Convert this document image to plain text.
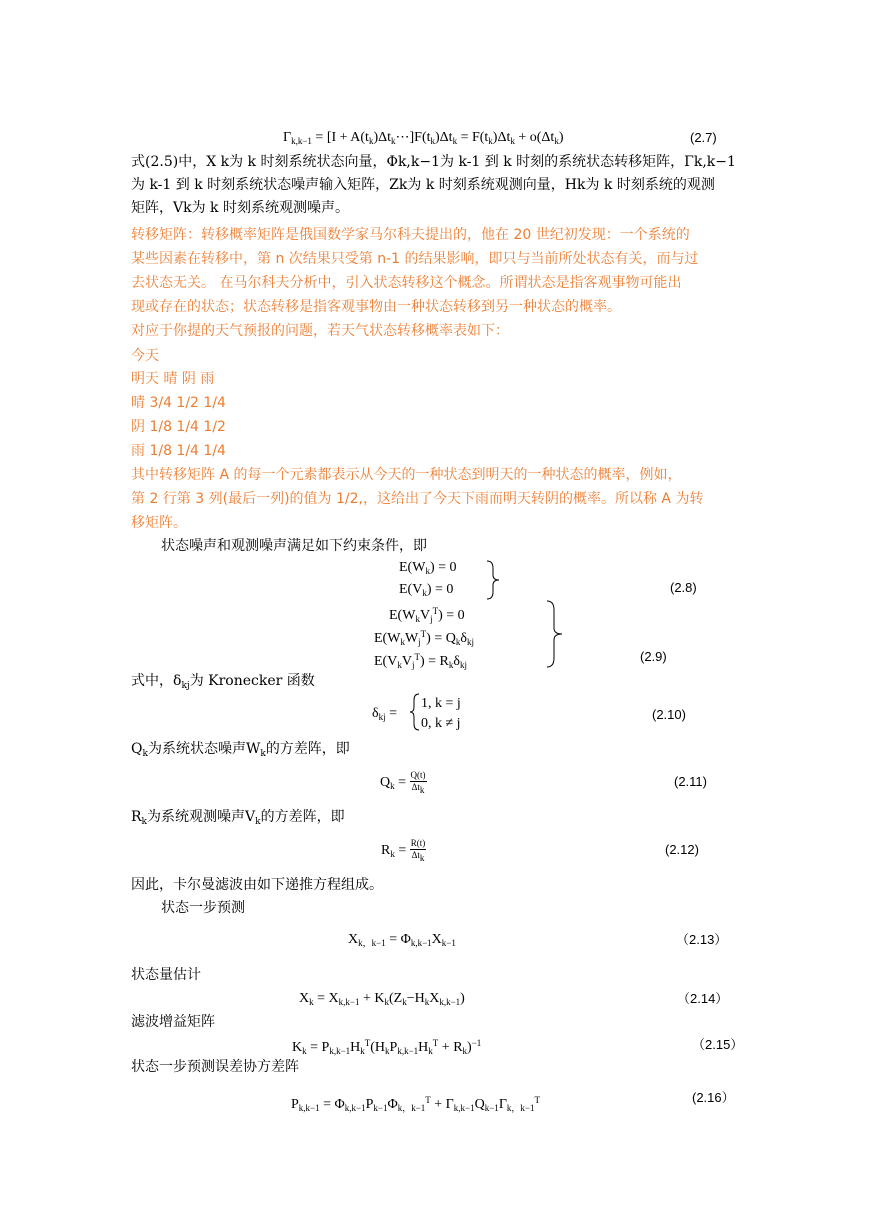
$\Gamma_{k,k-1} = [I$ + $A(t_k)\Delta t_k\cdots]F(t_k)\Delta t_k = F(t_k)\Delta t_k + o(\Delta t_k)$	(2.7)
式(2.5)中，X k为 k 时刻系统状态向量，Φk,k−1为 k-1 到 k 时刻的系统状态转移矩阵，Γk,k−1
为 k-1 到 k 时刻系统状态噪声输入矩阵，Zk为 k 时刻系统观测向量，Hk为 k 时刻系统的观测
矩阵，Vk为 k 时刻系统观测噪声。
转移矩阵：转移概率矩阵是俄国数学家马尔科夫提出的，他在 20 世纪初发现：一个系统的
某些因素在转移中，第 n 次结果只受第 n-1 的结果影响，即只与当前所处状态有关，而与过
去状态无关。 在马尔科夫分析中，引入状态转移这个概念。所谓状态是指客观事物可能出
现或存在的状态；状态转移是指客观事物由一种状态转移到另一种状态的概率。
对应于你提的天气预报的问题，若天气状态转移概率表如下：
今天
明天 晴 阴 雨
晴 3/4 1/2 1/4
阴 1/8 1/4 1/2
雨 1/8 1/4 1/4
其中转移矩阵 A 的每一个元素都表示从今天的一种状态到明天的一种状态的概率，例如，
第 2 行第 3 列(最后一列)的值为 1/2,，这给出了今天下雨而明天转阴的概率。所以称 A 为转
移矩阵。
状态噪声和观测噪声满足如下约束条件，即
$E(W_k) = 0$
$E(V_k) = 0$	(2.8)
$E(W_kV_j^T) = 0$
$E(W_kW_j^T) = Q_k\delta_{kj}$
$E(V_kV_j^T) = R_k\delta_{kj}$
(2.9)
式中，$\delta_{kj}$为 Kronecker 函数
$\delta_{kj}$ =
1, k = j
0, k ≠ j
(2.10)
$Q_k$为系统状态噪声$W_k$的方差阵，即
$Q_k = \frac{Q(t)}{\Delta t_k}$	(2.11)
$R_k$为系统观测噪声$V_k$的方差阵，即
$R_k = \frac{R(t)}{\Delta t_k}$	(2.12)
因此，卡尔曼滤波由如下递推方程组成。
状态一步预测
$X_{k,k-1} = \Phi_{k,k-1}X_{k-1}$	（2.13）
状态量估计
$X_k = X_{k,k-1} + K_k(Z_k-H_kX_{k,k-1})$	（2.14）
滤波增益矩阵
$K_k = P_{k,k-1}H_k^T(H_kP_{k,k-1}H_k^T + R_k)^{-1}$	（2.15）
状态一步预测误差协方差阵
$P_{k,k-1} = \Phi_{k,k-1}P_{k-1}\Phi_{k,k-1}^T + \Gamma_{k,k-1}Q_{k-1}\Gamma_{k,k-1}^T$	(2.16）
